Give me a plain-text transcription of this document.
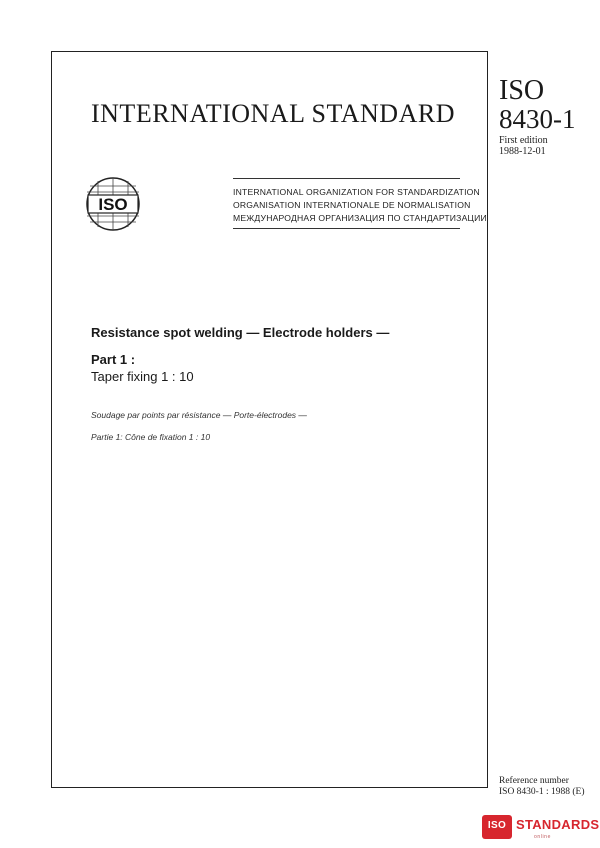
INTERNATIONAL STANDARD
ISO
8430-1
First edition
1988-12-01
ISO
INTERNATIONAL ORGANIZATION FOR STANDARDIZATION
ORGANISATION INTERNATIONALE DE NORMALISATION
МЕЖДУНАРОДНАЯ ОРГАНИЗАЦИЯ ПО СТАНДАРТИЗАЦИИ
Resistance spot welding — Electrode holders —
Part 1 :
Taper fixing 1 : 10
Soudage par points par résistance — Porte-électrodes —
Partie 1: Cône de fixation 1 : 10
Reference number
ISO 8430-1 : 1988 (E)
ISO STANDARDS
online
